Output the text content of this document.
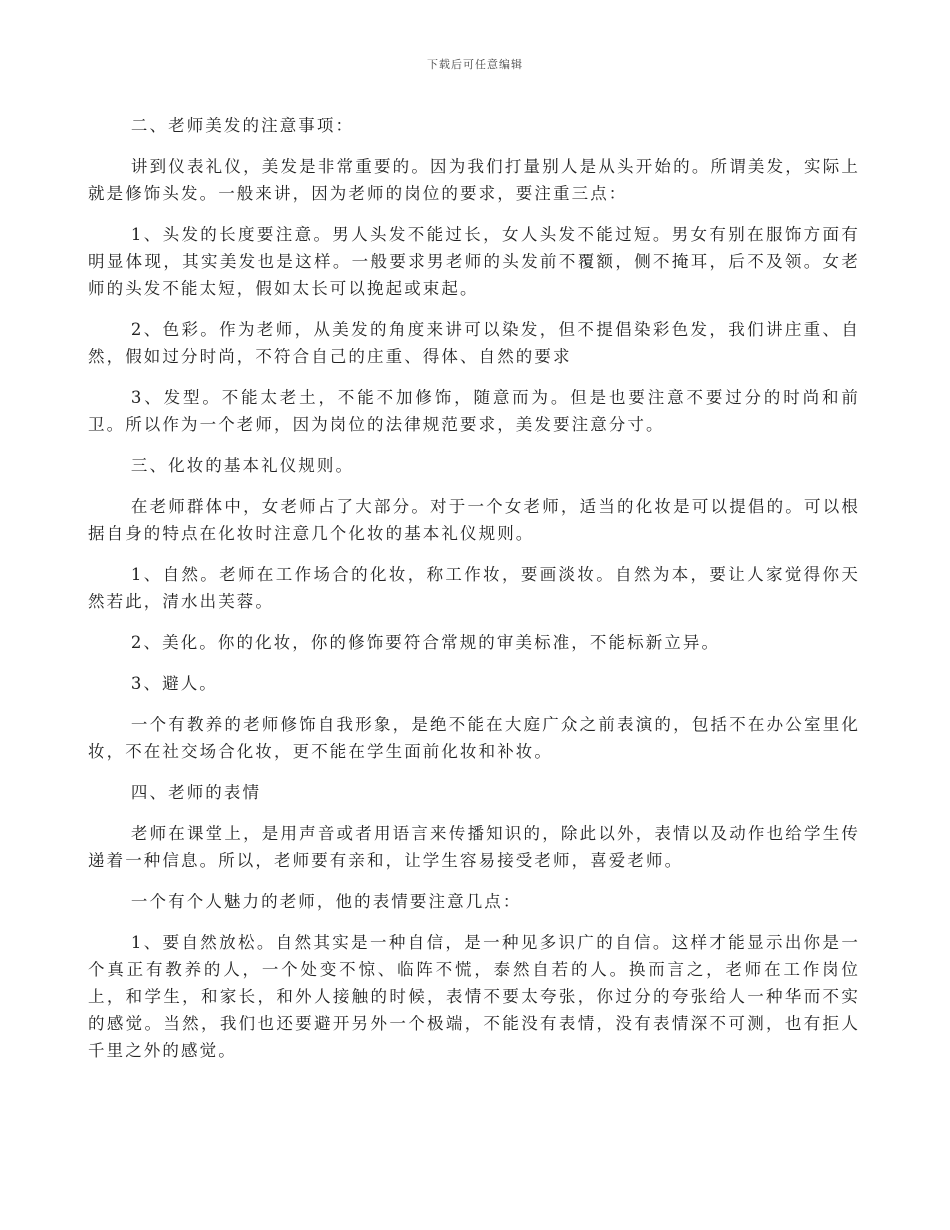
下载后可任意编辑

二、老师美发的注意事项：

讲到仪表礼仪，美发是非常重要的。因为我们打量别人是从头开始的。所谓美发，实际上就是修饰头发。一般来讲，因为老师的岗位的要求，要注重三点：

1、头发的长度要注意。男人头发不能过长，女人头发不能过短。男女有别在服饰方面有明显体现，其实美发也是这样。一般要求男老师的头发前不覆额，侧不掩耳，后不及领。女老师的头发不能太短，假如太长可以挽起或束起。

2、色彩。作为老师，从美发的角度来讲可以染发，但不提倡染彩色发，我们讲庄重、自然，假如过分时尚，不符合自己的庄重、得体、自然的要求

3、发型。不能太老土，不能不加修饰，随意而为。但是也要注意不要过分的时尚和前卫。所以作为一个老师，因为岗位的法律规范要求，美发要注意分寸。

三、化妆的基本礼仪规则。

在老师群体中，女老师占了大部分。对于一个女老师，适当的化妆是可以提倡的。可以根据自身的特点在化妆时注意几个化妆的基本礼仪规则。

1、自然。老师在工作场合的化妆，称工作妆，要画淡妆。自然为本，要让人家觉得你天然若此，清水出芙蓉。

2、美化。你的化妆，你的修饰要符合常规的审美标准，不能标新立异。

3、避人。

一个有教养的老师修饰自我形象，是绝不能在大庭广众之前表演的，包括不在办公室里化妆，不在社交场合化妆，更不能在学生面前化妆和补妆。

四、老师的表情

老师在课堂上，是用声音或者用语言来传播知识的，除此以外，表情以及动作也给学生传递着一种信息。所以，老师要有亲和，让学生容易接受老师，喜爱老师。

一个有个人魅力的老师，他的表情要注意几点：

1、要自然放松。自然其实是一种自信，是一种见多识广的自信。这样才能显示出你是一个真正有教养的人，一个处变不惊、临阵不慌，泰然自若的人。换而言之，老师在工作岗位上，和学生，和家长，和外人接触的时候，表情不要太夸张，你过分的夸张给人一种华而不实的感觉。当然，我们也还要避开另外一个极端，不能没有表情，没有表情深不可测，也有拒人千里之外的感觉。
